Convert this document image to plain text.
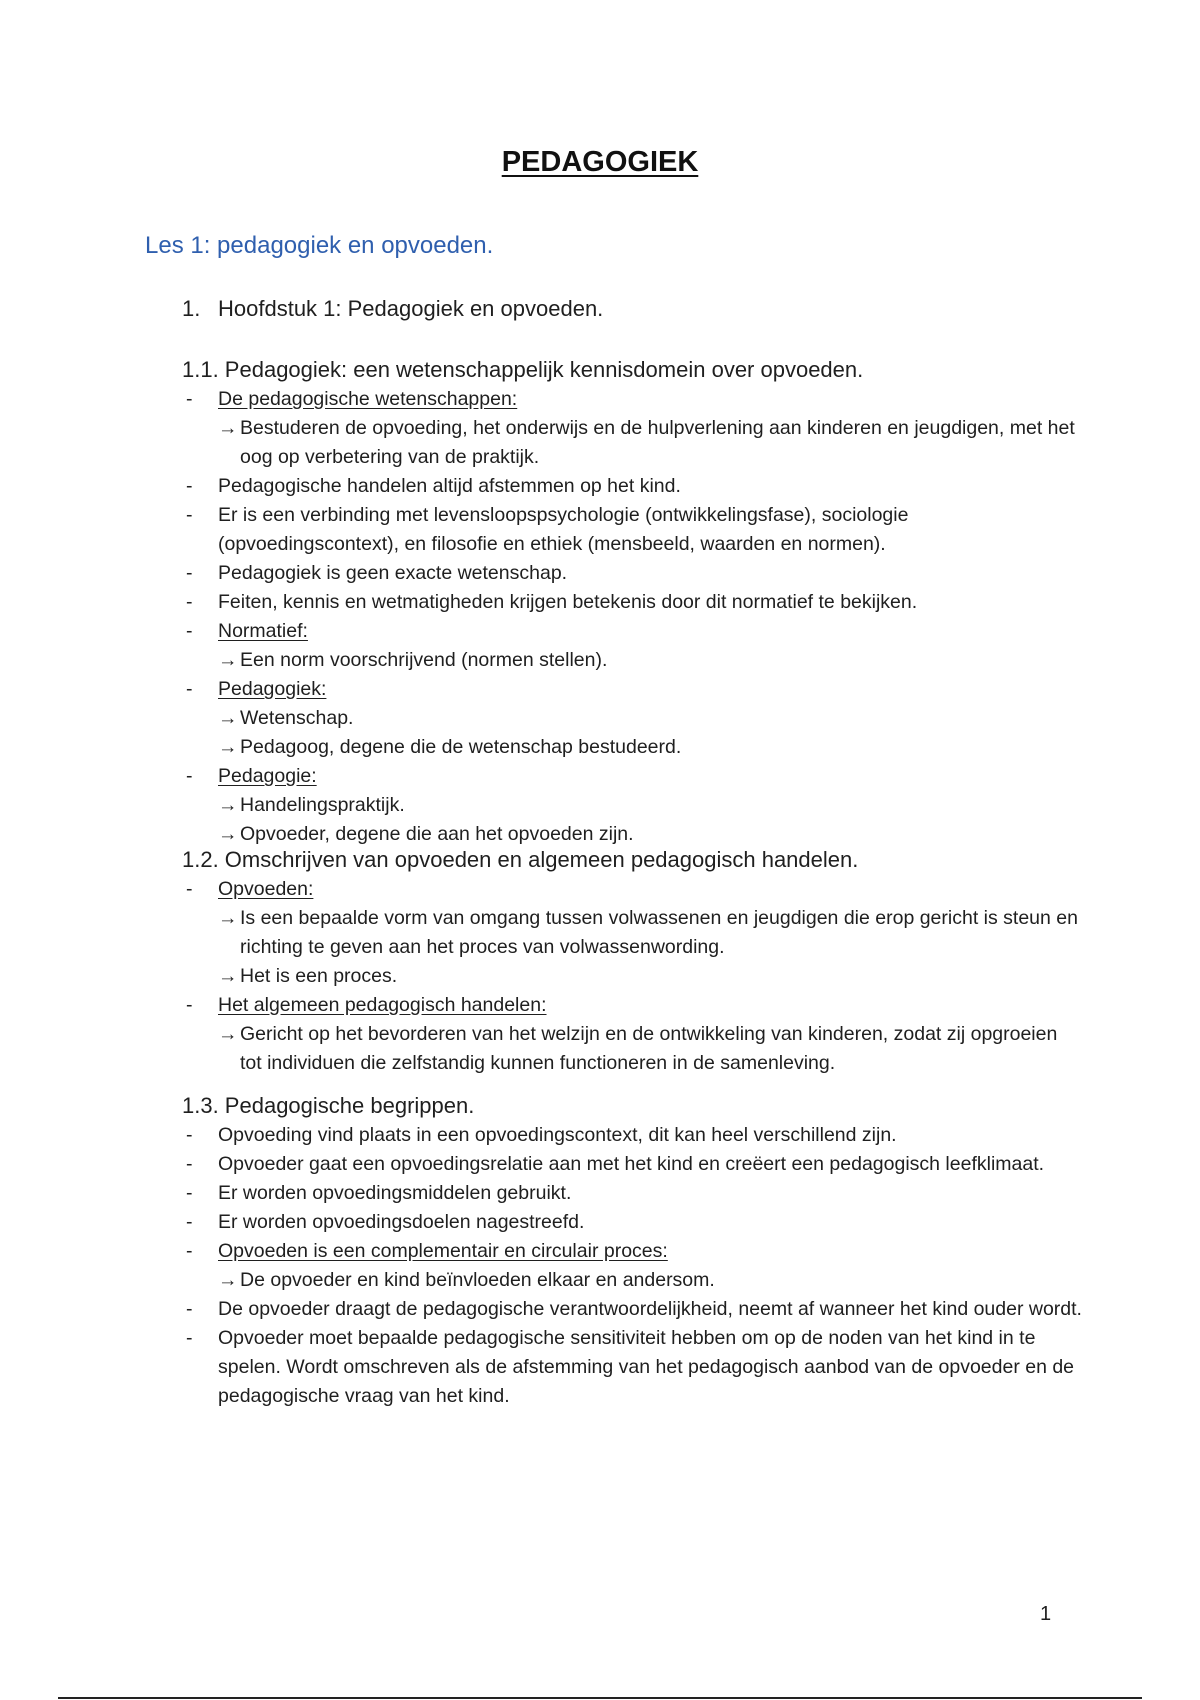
PEDAGOGIEK
Les 1: pedagogiek en opvoeden.
1. Hoofdstuk 1: Pedagogiek en opvoeden.
1.1. Pedagogiek: een wetenschappelijk kennisdomein over opvoeden.
- De pedagogische wetenschappen:
→ Bestuderen de opvoeding, het onderwijs en de hulpverlening aan kinderen en jeugdigen, met het oog op verbetering van de praktijk.
- Pedagogische handelen altijd afstemmen op het kind.
- Er is een verbinding met levensloopspsychologie (ontwikkelingsfase), sociologie (opvoedingscontext), en filosofie en ethiek (mensbeeld, waarden en normen).
- Pedagogiek is geen exacte wetenschap.
- Feiten, kennis en wetmatigheden krijgen betekenis door dit normatief te bekijken.
- Normatief:
→ Een norm voorschrijvend (normen stellen).
- Pedagogiek:
→ Wetenschap.
→ Pedagoog, degene die de wetenschap bestudeerd.
- Pedagogie:
→ Handelingspraktijk.
→ Opvoeder, degene die aan het opvoeden zijn.
1.2. Omschrijven van opvoeden en algemeen pedagogisch handelen.
- Opvoeden:
→ Is een bepaalde vorm van omgang tussen volwassenen en jeugdigen die erop gericht is steun en richting te geven aan het proces van volwassenwording.
→ Het is een proces.
- Het algemeen pedagogisch handelen:
→ Gericht op het bevorderen van het welzijn en de ontwikkeling van kinderen, zodat zij opgroeien tot individuen die zelfstandig kunnen functioneren in de samenleving.
1.3. Pedagogische begrippen.
- Opvoeding vind plaats in een opvoedingscontext, dit kan heel verschillend zijn.
- Opvoeder gaat een opvoedingsrelatie aan met het kind en creëert een pedagogisch leefklimaat.
- Er worden opvoedingsmiddelen gebruikt.
- Er worden opvoedingsdoelen nagestreefd.
- Opvoeden is een complementair en circulair proces:
→ De opvoeder en kind beïnvloeden elkaar en andersom.
- De opvoeder draagt de pedagogische verantwoordelijkheid, neemt af wanneer het kind ouder wordt.
- Opvoeder moet bepaalde pedagogische sensitiviteit hebben om op de noden van het kind in te spelen. Wordt omschreven als de afstemming van het pedagogisch aanbod van de opvoeder en de pedagogische vraag van het kind.
1
